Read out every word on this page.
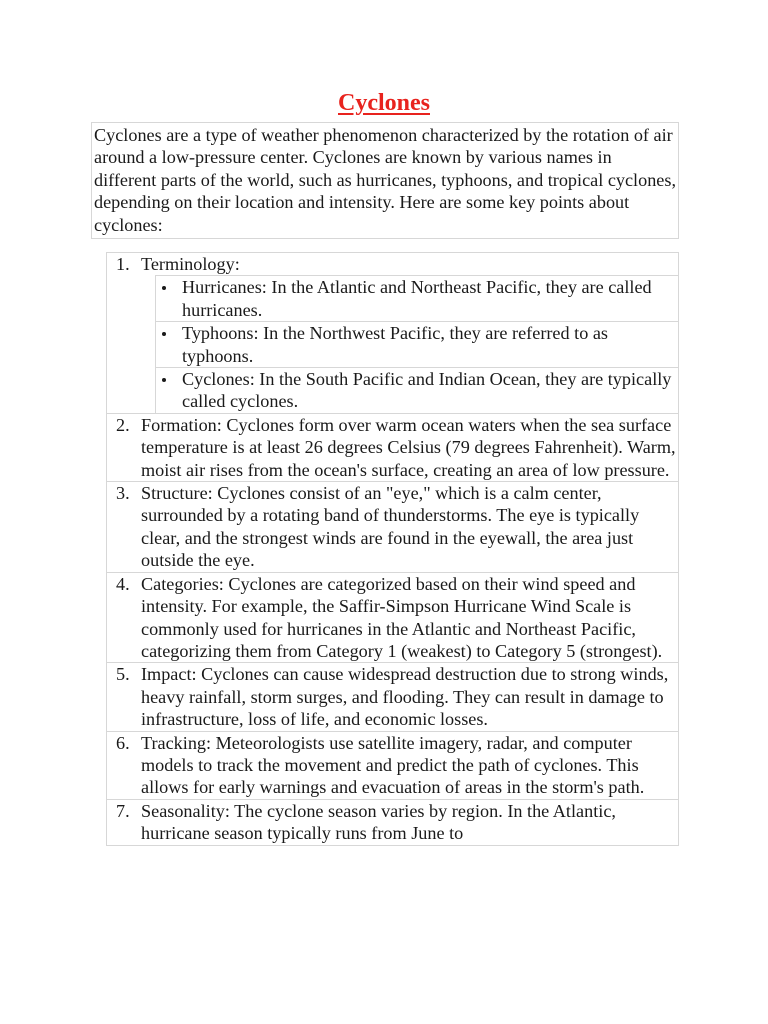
Cyclones
Cyclones are a type of weather phenomenon characterized by the rotation of air around a low-pressure center. Cyclones are known by various names in different parts of the world, such as hurricanes, typhoons, and tropical cyclones, depending on their location and intensity. Here are some key points about cyclones:
1. Terminology:
Hurricanes: In the Atlantic and Northeast Pacific, they are called hurricanes.
Typhoons: In the Northwest Pacific, they are referred to as typhoons.
Cyclones: In the South Pacific and Indian Ocean, they are typically called cyclones.
2. Formation: Cyclones form over warm ocean waters when the sea surface temperature is at least 26 degrees Celsius (79 degrees Fahrenheit). Warm, moist air rises from the ocean's surface, creating an area of low pressure.
3. Structure: Cyclones consist of an "eye," which is a calm center, surrounded by a rotating band of thunderstorms. The eye is typically clear, and the strongest winds are found in the eyewall, the area just outside the eye.
4. Categories: Cyclones are categorized based on their wind speed and intensity. For example, the Saffir-Simpson Hurricane Wind Scale is commonly used for hurricanes in the Atlantic and Northeast Pacific, categorizing them from Category 1 (weakest) to Category 5 (strongest).
5. Impact: Cyclones can cause widespread destruction due to strong winds, heavy rainfall, storm surges, and flooding. They can result in damage to infrastructure, loss of life, and economic losses.
6. Tracking: Meteorologists use satellite imagery, radar, and computer models to track the movement and predict the path of cyclones. This allows for early warnings and evacuation of areas in the storm's path.
7. Seasonality: The cyclone season varies by region. In the Atlantic, hurricane season typically runs from June to
